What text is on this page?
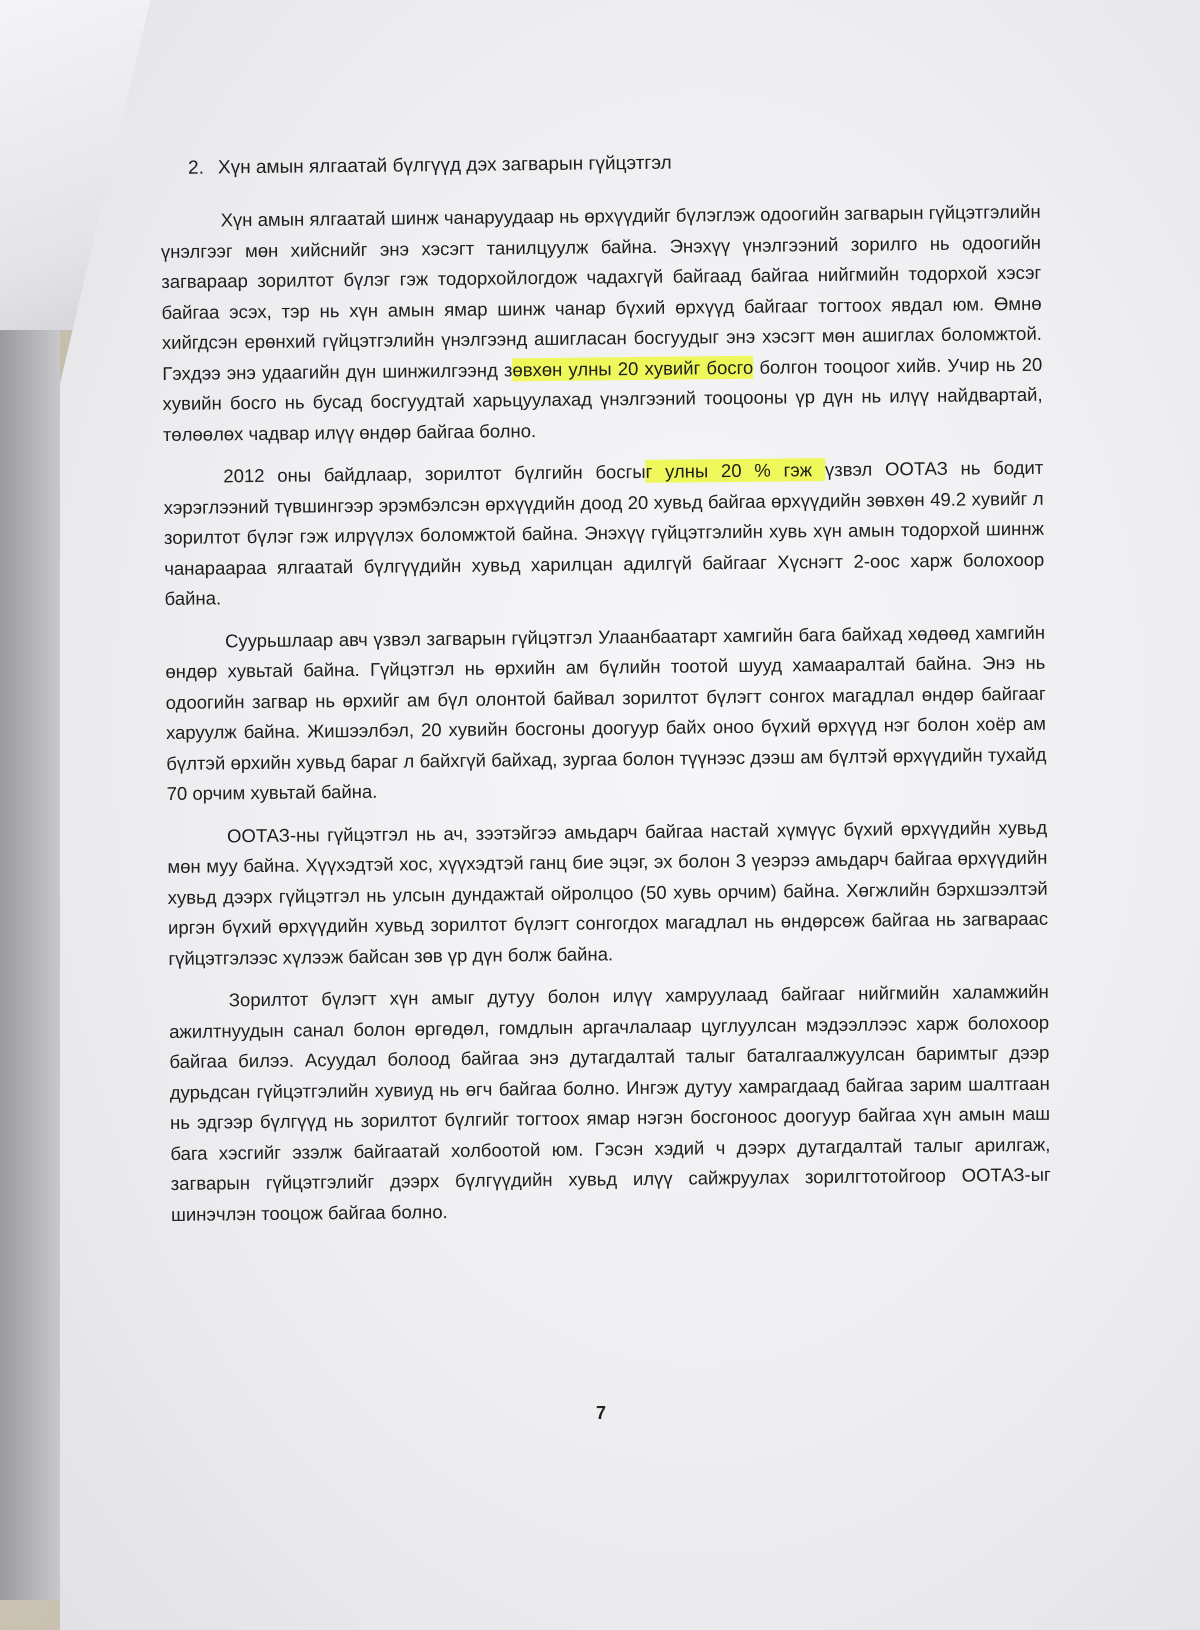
2. Хүн амын ялгаатай бүлгүүд дэх загварын гүйцэтгэл

Хүн амын ялгаатай шинж чанаруудаар нь өрхүүдийг бүлэглэж одоогийн загварын гүйцэтгэлийн үнэлгээг мөн хийснийг энэ хэсэгт танилцуулж байна. Энэхүү үнэлгээний зорилго нь одоогийн загвараар зорилтот бүлэг гэж тодорхойлогдож чадахгүй байгаад байгаа нийгмийн тодорхой хэсэг байгаа эсэх, тэр нь хүн амын ямар шинж чанар бүхий өрхүүд байгааг тогтоох явдал юм. Өмнө хийгдсэн ерөнхий гүйцэтгэлийн үнэлгээнд ашигласан босгуудыг энэ хэсэгт мөн ашиглах боломжтой. Гэхдээ энэ удаагийн дүн шинжилгээнд зөвхөн улны 20 хувийг босго болгон тооцоог хийв. Учир нь 20 хувийн босго нь бусад босгуудтай харьцуулахад үнэлгээний тооцооны үр дүн нь илүү найдвартай, төлөөлөх чадвар илүү өндөр байгаа болно.

2012 оны байдлаар, зорилтот бүлгийн босгыг улны 20 % гэж үзвэл ООТАЗ нь бодит хэрэглээний түвшингээр эрэмбэлсэн өрхүүдийн доод 20 хувьд байгаа өрхүүдийн зөвхөн 49.2 хувийг л зорилтот бүлэг гэж илрүүлэх боломжтой байна. Энэхүү гүйцэтгэлийн хувь хүн амын тодорхой шиннж чанараараа ялгаатай бүлгүүдийн хувьд харилцан адилгүй байгааг Хүснэгт 2-оос харж болохоор байна.

Суурьшлаар авч үзвэл загварын гүйцэтгэл Улаанбаатарт хамгийн бага байхад хөдөөд хамгийн өндөр хувьтай байна. Гүйцэтгэл нь өрхийн ам бүлийн тоотой шууд хамааралтай байна. Энэ нь одоогийн загвар нь өрхийг ам бүл олонтой байвал зорилтот бүлэгт сонгох магадлал өндөр байгааг харуулж байна. Жишээлбэл, 20 хувийн босгоны доогуур байх оноо бүхий өрхүүд нэг болон хоёр ам бүлтэй өрхийн хувьд бараг л байхгүй байхад, зургаа болон түүнээс дээш ам бүлтэй өрхүүдийн тухайд 70 орчим хувьтай байна.

ООТАЗ-ны гүйцэтгэл нь ач, зээтэйгээ амьдарч байгаа настай хүмүүс бүхий өрхүүдийн хувьд мөн муу байна. Хүүхэдтэй хос, хүүхэдтэй ганц бие эцэг, эх болон 3 үеэрээ амьдарч байгаа өрхүүдийн хувьд дээрх гүйцэтгэл нь улсын дундажтай ойролцоо (50 хувь орчим) байна. Хөгжлийн бэрхшээлтэй иргэн бүхий өрхүүдийн хувьд зорилтот бүлэгт сонгогдох магадлал нь өндөрсөж байгаа нь загвараас гүйцэтгэлээс хүлээж байсан зөв үр дүн болж байна.

Зорилтот бүлэгт хүн амыг дутуу болон илүү хамруулаад байгааг нийгмийн халамжийн ажилтнуудын санал болон өргөдөл, гомдлын аргачлалаар цуглуулсан мэдээллээс харж болохоор байгаа билээ. Асуудал болоод байгаа энэ дутагдалтай талыг баталгаалжуулсан баримтыг дээр дурьдсан гүйцэтгэлийн хувиуд нь өгч байгаа болно. Ингэж дутуу хамрагдаад байгаа зарим шалтгаан нь эдгээр бүлгүүд нь зорилтот бүлгийг тогтоох ямар нэгэн босгоноос доогуур байгаа хүн амын маш бага хэсгийг эзэлж байгаатай холбоотой юм. Гэсэн хэдий ч дээрх дутагдалтай талыг арилгаж, загварын гүйцэтгэлийг дээрх бүлгүүдийн хувьд илүү сайжруулах зорилгтотойгоор ООТАЗ-ыг шинэчлэн тооцож байгаа болно.

7
